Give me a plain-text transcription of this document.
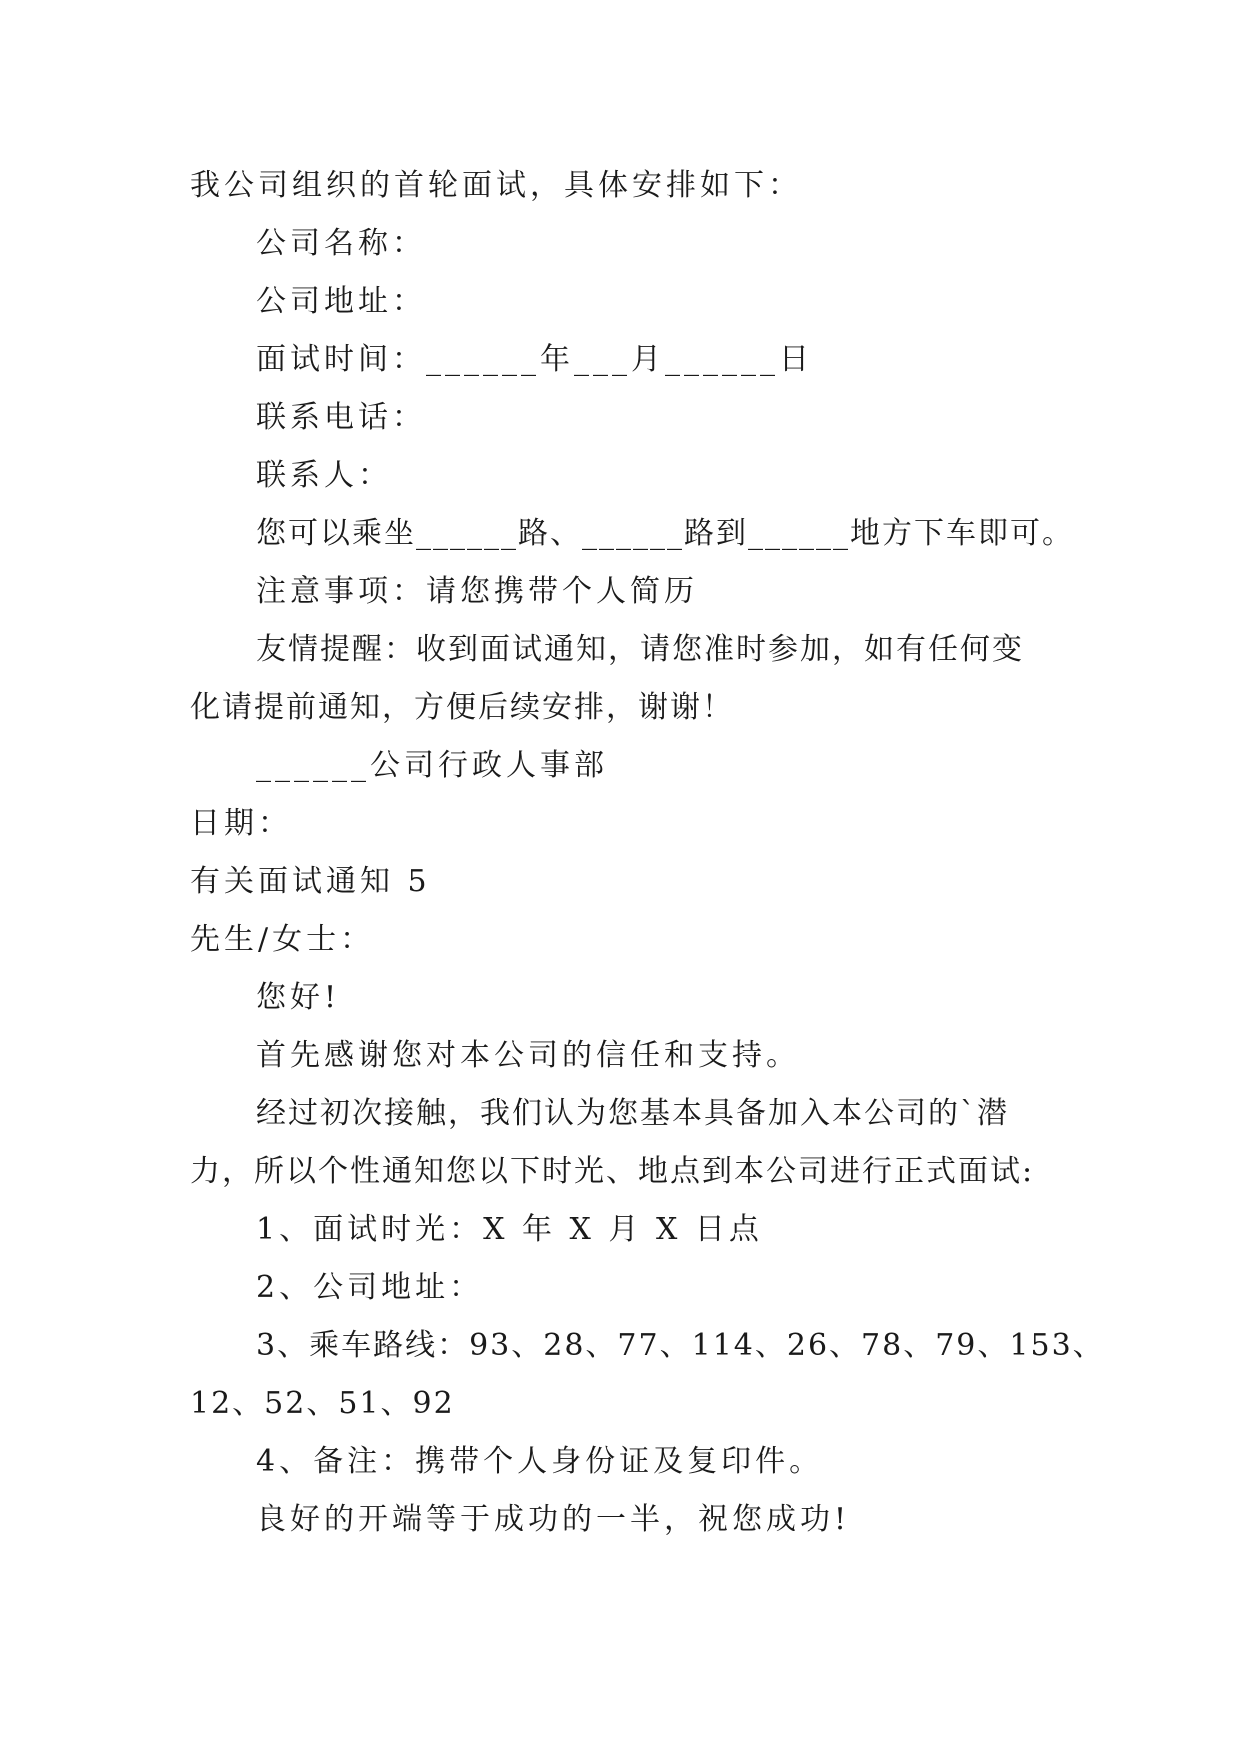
我公司组织的首轮面试，具体安排如下：
公司名称：
公司地址：
面试时间：______年___月______日
联系电话：
联系人：
您可以乘坐______路、______路到______地方下车即可。
注意事项：请您携带个人简历
友情提醒：收到面试通知，请您准时参加，如有任何变
化请提前通知，方便后续安排，谢谢！
______公司行政人事部
日期：
有关面试通知 5
先生/女士：
您好!
首先感谢您对本公司的信任和支持。
经过初次接触，我们认为您基本具备加入本公司的`潜
力，所以个性通知您以下时光、地点到本公司进行正式面试:
1、面试时光：X 年 X 月 X 日点
2、公司地址：
3、乘车路线：93、28、77、114、26、78、79、153、
12、52、51、92
4、备注：携带个人身份证及复印件。
良好的开端等于成功的一半，祝您成功!
